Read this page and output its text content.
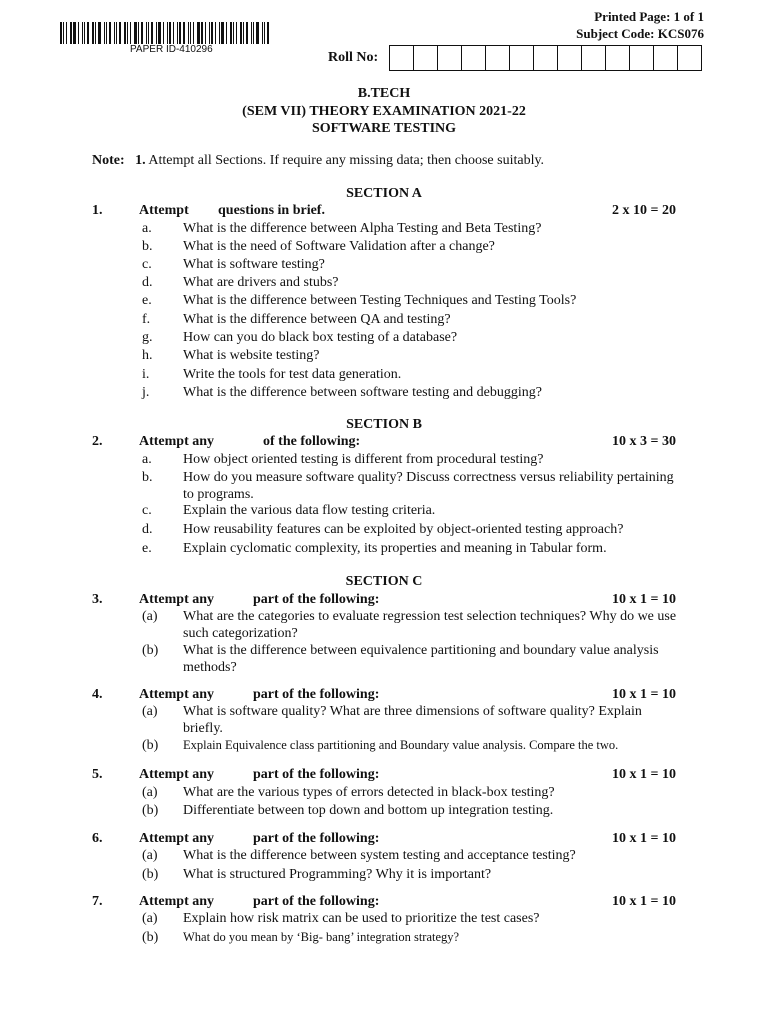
PAPER ID-410296
Printed Page: 1 of 1
Subject Code: KCS076
Roll No:
B.TECH
(SEM VII) THEORY EXAMINATION 2021-22
SOFTWARE TESTING
Note: 1. Attempt all Sections. If require any missing data; then choose suitably.
SECTION A
1.	Attempt questions in brief.	2 x 10 = 20
a. What is the difference between Alpha Testing and Beta Testing?
b. What is the need of Software Validation after a change?
c. What is software testing?
d. What are drivers and stubs?
e. What is the difference between Testing Techniques and Testing Tools?
f. What is the difference between QA and testing?
g. How can you do black box testing of a database?
h. What is website testing?
i. Write the tools for test data generation.
j. What is the difference between software testing and debugging?
SECTION B
2.	Attempt any	of the following:	10 x 3 = 30
a. How object oriented testing is different from procedural testing?
b. How do you measure software quality? Discuss correctness versus reliability pertaining to programs.
c. Explain the various data flow testing criteria.
d. How reusability features can be exploited by object-oriented testing approach?
e. Explain cyclomatic complexity, its properties and meaning in Tabular form.
SECTION C
3.	Attempt any	part of the following:	10 x 1 = 10
(a) What are the categories to evaluate regression test selection techniques? Why do we use such categorization?
(b) What is the difference between equivalence partitioning and boundary value analysis methods?
4.	Attempt any	part of the following:	10 x 1 = 10
(a) What is software quality? What are three dimensions of software quality? Explain briefly.
(b) Explain Equivalence class partitioning and Boundary value analysis. Compare the two.
5.	Attempt any	part of the following:	10 x 1 = 10
(a) What are the various types of errors detected in black-box testing?
(b) Differentiate between top down and bottom up integration testing.
6.	Attempt any	part of the following:	10 x 1 = 10
(a) What is the difference between system testing and acceptance testing?
(b) What is structured Programming? Why it is important?
7.	Attempt any	part of the following:	10 x 1 = 10
(a) Explain how risk matrix can be used to prioritize the test cases?
(b) What do you mean by ‘Big- bang’ integration strategy?
